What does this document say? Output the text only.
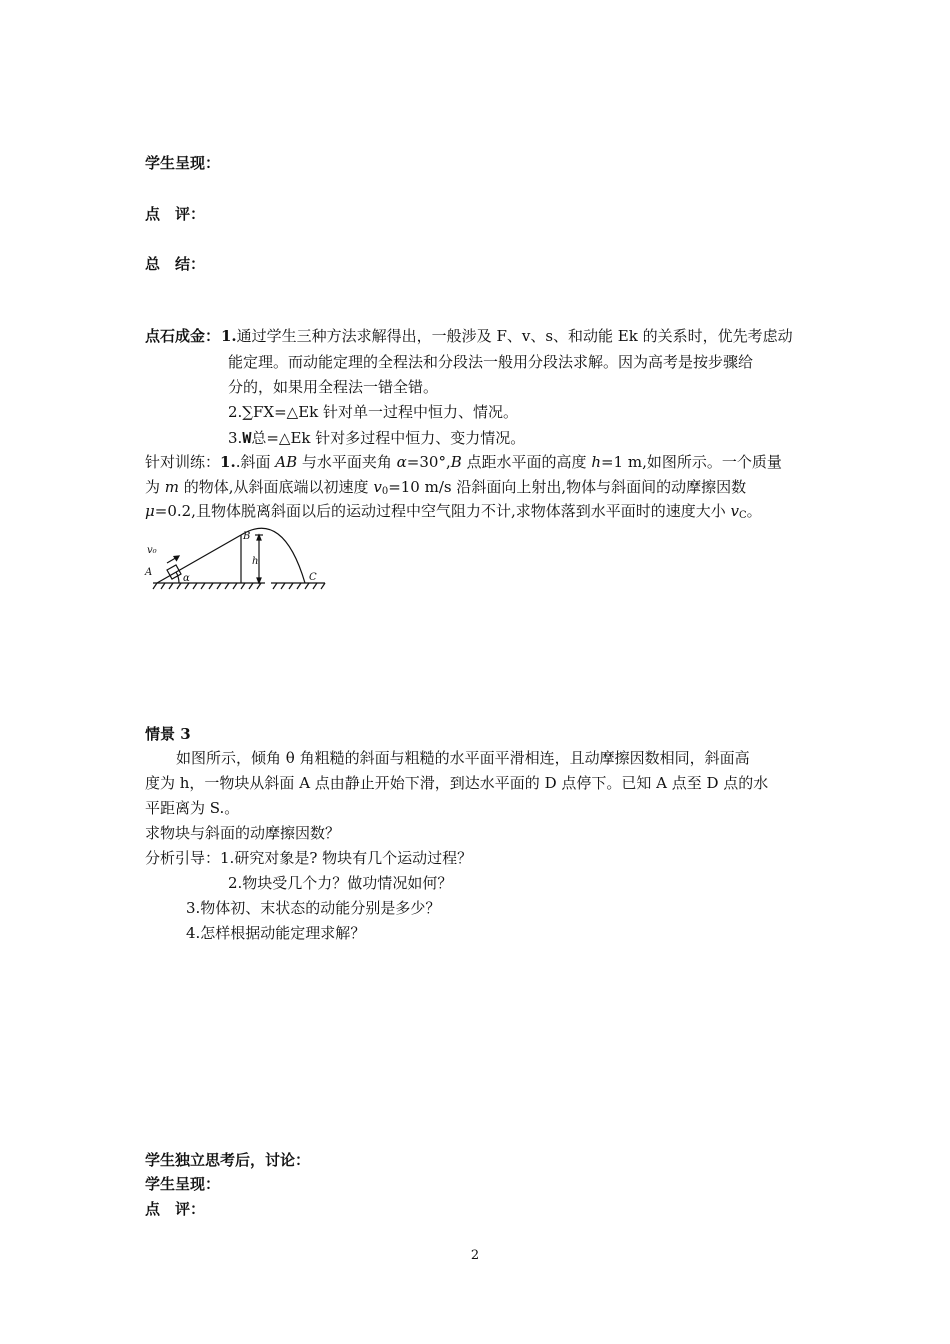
学生呈现：
点　评：
总　结：
点石成金： 1.通过学生三种方法求解得出，一般涉及 F、v、s、和动能 Ek 的关系时，优先考虑动
能定理。而动能定理的全程法和分段法一般用分段法求解。因为高考是按步骤给
分的，如果用全程法一错全错。
2.∑FX=△Ek 针对单一过程中恒力、情况。
3.W总=△Ek 针对多过程中恒力、变力情况。
针对训练：1..斜面 AB 与水平面夹角 α=30°,B 点距水平面的高度 h=1 m,如图所示。一个质量
为 m 的物体,从斜面底端以初速度 $v_0=10$ m/s 沿斜面向上射出,物体与斜面间的动摩擦因数
μ=0.2,且物体脱离斜面以后的运动过程中空气阻力不计,求物体落到水平面时的速度大小 $v_C$。
v₀
A
B
h
α	C
情景 3
如图所示，倾角 θ 角粗糙的斜面与粗糙的水平面平滑相连，且动摩擦因数相同，斜面高
度为 h，一物块从斜面 A 点由静止开始下滑，到达水平面的 D 点停下。已知 A 点至 D 点的水
平距离为 S.。
求物块与斜面的动摩擦因数？
分析引导：1.研究对象是? 物块有几个运动过程？
2.物块受几个力？做功情况如何？
3.物体初、末状态的动能分别是多少？
4.怎样根据动能定理求解？
学生独立思考后，讨论：
学生呈现：
点　评：
2
